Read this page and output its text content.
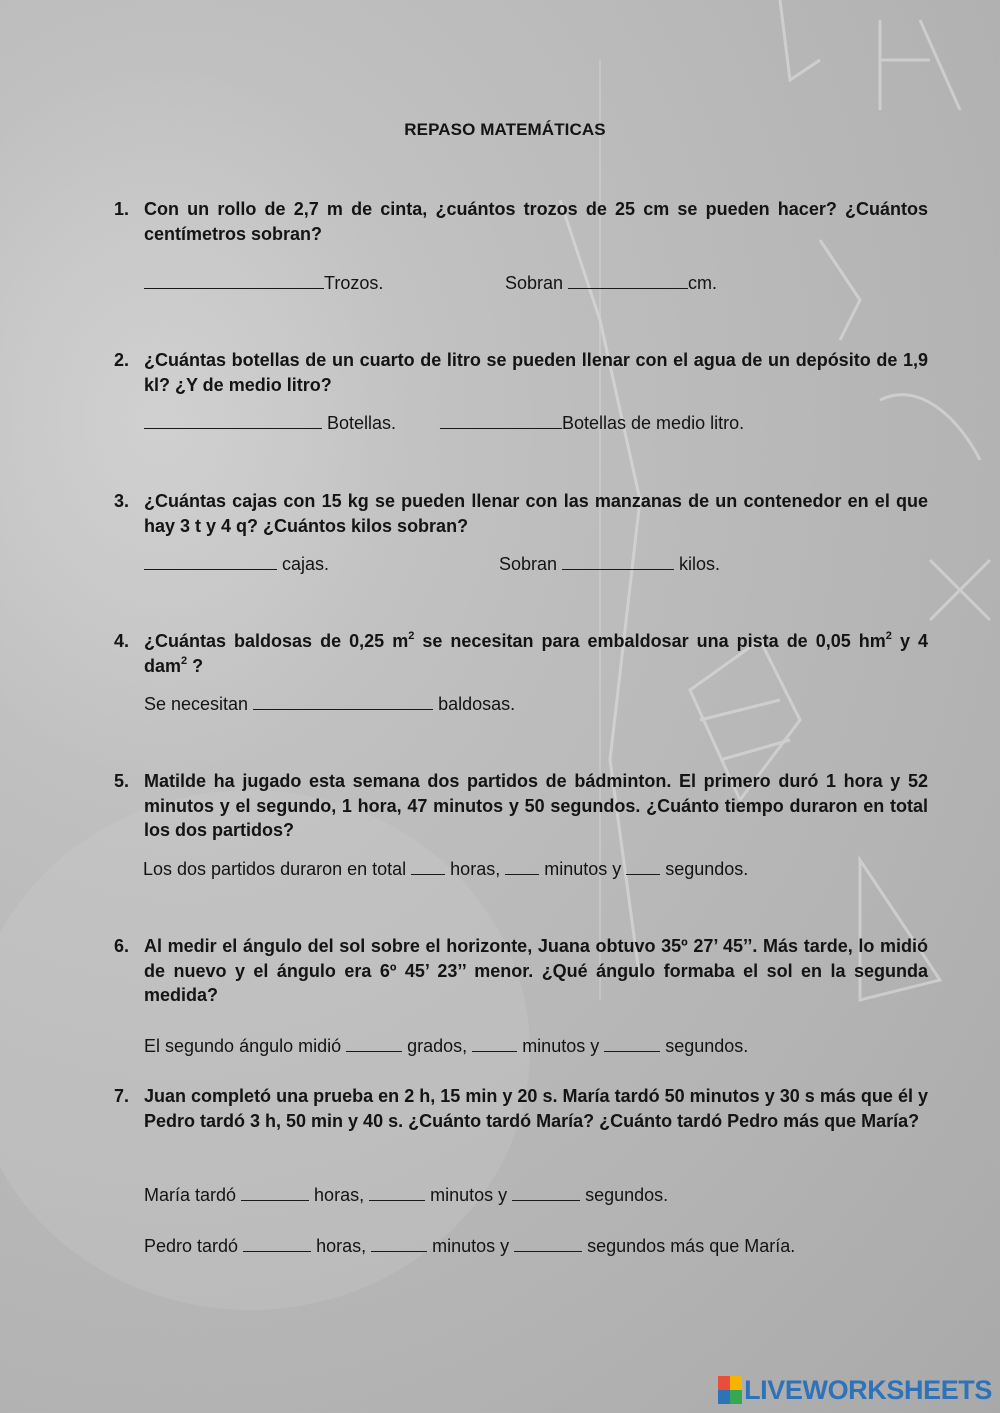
REPASO MATEMÁTICAS
1. Con un rollo de 2,7 m de cinta, ¿cuántos trozos de 25 cm se pueden hacer? ¿Cuántos centímetros sobran?
Trozos.	Sobran	cm.
2. ¿Cuántas botellas de un cuarto de litro se pueden llenar con el agua de un depósito de 1,9 kl? ¿Y de medio litro?
Botellas.	Botellas de medio litro.
3. ¿Cuántas cajas con 15 kg se pueden llenar con las manzanas de un contenedor en el que hay 3 t y 4 q? ¿Cuántos kilos sobran?
cajas.	Sobran	kilos.
4. ¿Cuántas baldosas de 0,25 $m^2$ se necesitan para embaldosar una pista de 0,05 $hm^2$ y 4 dam$^2$ ?
Se necesitan	baldosas.
5. Matilde ha jugado esta semana dos partidos de bádminton. El primero duró 1 hora y 52 minutos y el segundo, 1 hora, 47 minutos y 50 segundos. ¿Cuánto tiempo duraron en total los dos partidos?
Los dos partidos duraron en total  horas,  minutos y  segundos.
6. Al medir el ángulo del sol sobre el horizonte, Juana obtuvo 35º 27’ 45’’. Más tarde, lo midió de nuevo y el ángulo era 6º 45’ 23’’ menor. ¿Qué ángulo formaba el sol en la segunda medida?
El segundo ángulo midió	grados,	minutos y	segundos.
7. Juan completó una prueba en 2 h, 15 min y 20 s. María tardó 50 minutos y 30 s más que él y Pedro tardó 3 h, 50 min y 40 s. ¿Cuánto tardó María? ¿Cuánto tardó Pedro más que María?
María tardó	horas,	minutos y	segundos.
Pedro tardó	horas,	minutos y	segundos más que María.
LIVEWORKSHEETS
